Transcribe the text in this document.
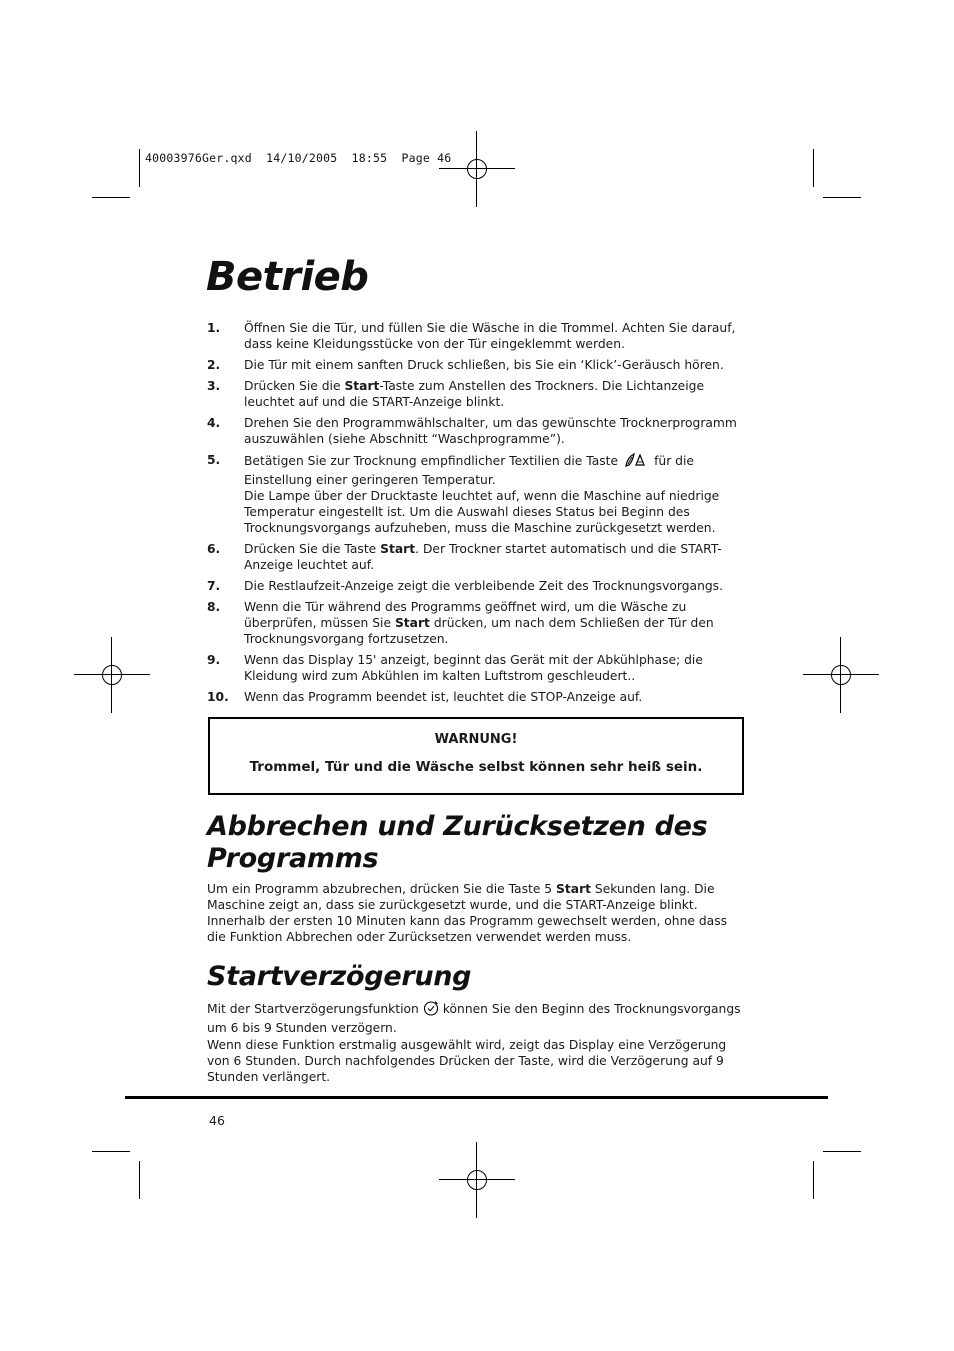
40003976Ger.qxd  14/10/2005  18:55  Page 46
Betrieb
1. Öffnen Sie die Tür, und füllen Sie die Wäsche in die Trommel. Achten Sie darauf, dass keine Kleidungsstücke von der Tür eingeklemmt werden.
2. Die Tür mit einem sanften Druck schließen, bis Sie ein ‘Klick’-Geräusch hören.
3. Drücken Sie die Start-Taste zum Anstellen des Trockners. Die Lichtanzeige leuchtet auf und die START-Anzeige blinkt.
4. Drehen Sie den Programmwählschalter, um das gewünschte Trocknerprogramm auszuwählen (siehe Abschnitt “Waschprogramme”).
5. Betätigen Sie zur Trocknung empfindlicher Textilien die Taste	für die Einstellung einer geringeren Temperatur.
Die Lampe über der Drucktaste leuchtet auf, wenn die Maschine auf niedrige Temperatur eingestellt ist. Um die Auswahl dieses Status bei Beginn des Trocknungsvorgangs aufzuheben, muss die Maschine zurückgesetzt werden.
6. Drücken Sie die Taste Start. Der Trockner startet automatisch und die START-Anzeige leuchtet auf.
7. Die Restlaufzeit-Anzeige zeigt die verbleibende Zeit des Trocknungsvorgangs.
8. Wenn die Tür während des Programms geöffnet wird, um die Wäsche zu überprüfen, müssen Sie Start drücken, um nach dem Schließen der Tür den Trocknungsvorgang fortzusetzen.
9. Wenn das Display 15' anzeigt, beginnt das Gerät mit der Abkühlphase; die Kleidung wird zum Abkühlen im kalten Luftstrom geschleudert..
10. Wenn das Programm beendet ist, leuchtet die STOP-Anzeige auf.
WARNUNG!
Trommel, Tür und die Wäsche selbst können sehr heiß sein.
Abbrechen und Zurücksetzen des Programms

Um ein Programm abzubrechen, drücken Sie die Taste 5 Start Sekunden lang. Die Maschine zeigt an, dass sie zurückgesetzt wurde, und die START-Anzeige blinkt. Innerhalb der ersten 10 Minuten kann das Programm gewechselt werden, ohne dass die Funktion Abbrechen oder Zurücksetzen verwendet werden muss.

Startverzögerung

Mit der Startverzögerungsfunktion können Sie den Beginn des Trocknungsvorgangs um 6 bis 9 Stunden verzögern.

Wenn diese Funktion erstmalig ausgewählt wird, zeigt das Display eine Verzögerung von 6 Stunden. Durch nachfolgendes Drücken der Taste, wird die Verzögerung auf 9 Stunden verlängert.

46
